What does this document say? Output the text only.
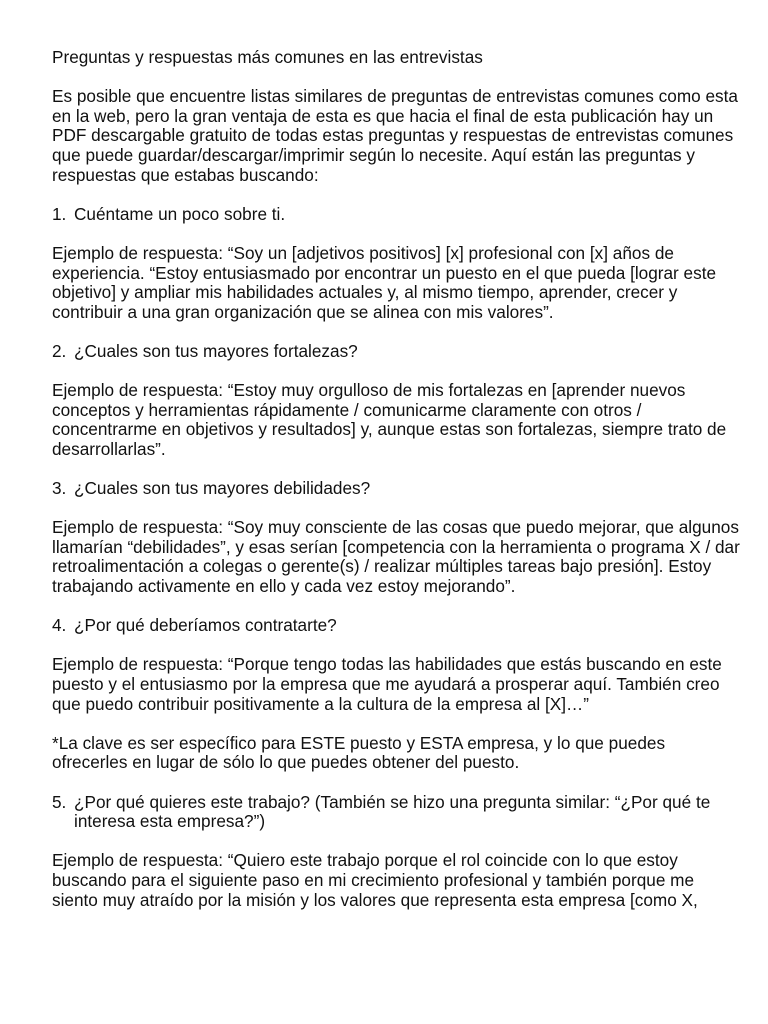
Preguntas y respuestas más comunes en las entrevistas

Es posible que encuentre listas similares de preguntas de entrevistas comunes como esta en la web, pero la gran ventaja de esta es que hacia el final de esta publicación hay un PDF descargable gratuito de todas estas preguntas y respuestas de entrevistas comunes que puede guardar/descargar/imprimir según lo necesite. Aquí están las preguntas y respuestas que estabas buscando:

1. Cuéntame un poco sobre ti.

Ejemplo de respuesta: “Soy un [adjetivos positivos] [x] profesional con [x] años de experiencia. “Estoy entusiasmado por encontrar un puesto en el que pueda [lograr este objetivo] y ampliar mis habilidades actuales y, al mismo tiempo, aprender, crecer y contribuir a una gran organización que se alinea con mis valores”.

2. ¿Cuales son tus mayores fortalezas?

Ejemplo de respuesta: “Estoy muy orgulloso de mis fortalezas en [aprender nuevos conceptos y herramientas rápidamente / comunicarme claramente con otros / concentrarme en objetivos y resultados] y, aunque estas son fortalezas, siempre trato de desarrollarlas”.

3. ¿Cuales son tus mayores debilidades?

Ejemplo de respuesta: “Soy muy consciente de las cosas que puedo mejorar, que algunos llamarían “debilidades”, y esas serían [competencia con la herramienta o programa X / dar retroalimentación a colegas o gerente(s) / realizar múltiples tareas bajo presión]. Estoy trabajando activamente en ello y cada vez estoy mejorando”.

4. ¿Por qué deberíamos contratarte?

Ejemplo de respuesta: “Porque tengo todas las habilidades que estás buscando en este puesto y el entusiasmo por la empresa que me ayudará a prosperar aquí. También creo que puedo contribuir positivamente a la cultura de la empresa al [X]…”

*La clave es ser específico para ESTE puesto y ESTA empresa, y lo que puedes ofrecerles en lugar de sólo lo que puedes obtener del puesto.

5. ¿Por qué quieres este trabajo? (También se hizo una pregunta similar: “¿Por qué te interesa esta empresa?”)

Ejemplo de respuesta: “Quiero este trabajo porque el rol coincide con lo que estoy buscando para el siguiente paso en mi crecimiento profesional y también porque me siento muy atraído por la misión y los valores que representa esta empresa [como X,
